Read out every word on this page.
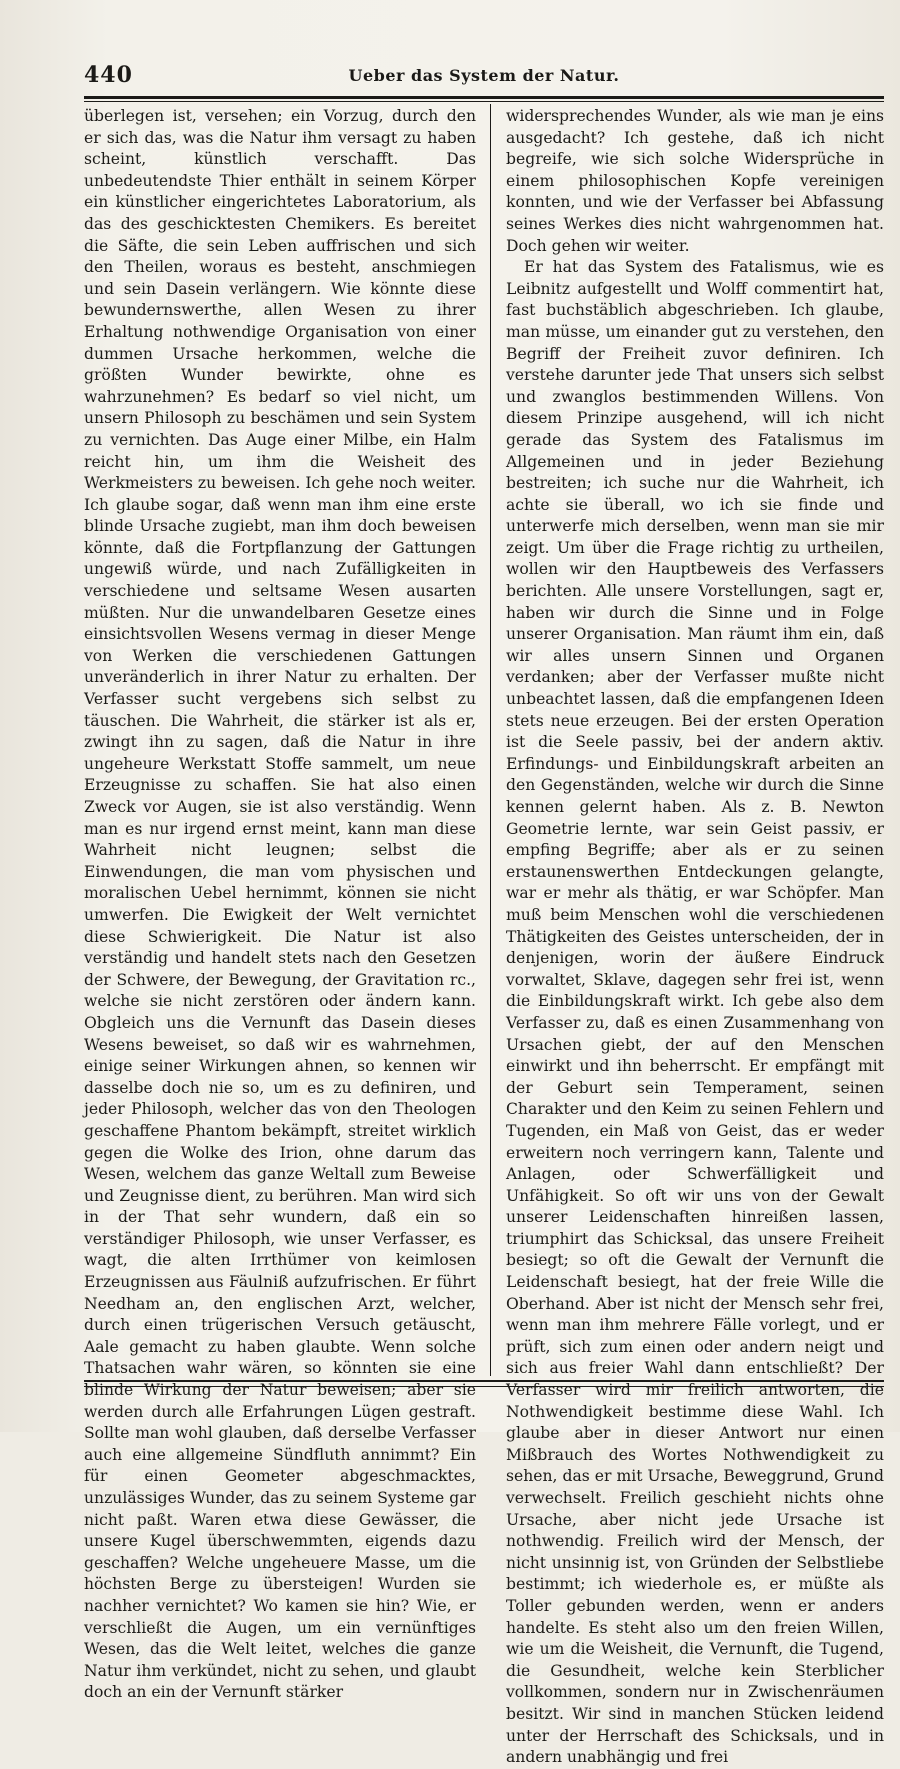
440	Ueber das System der Natur.

überlegen ist, versehen; ein Vorzug, durch den er sich das, was die Natur ihm versagt zu haben scheint, künstlich verschafft. Das unbedeutendste Thier enthält in seinem Körper ein künstlicher eingerichtetes Laboratorium, als das des geschicktesten Chemikers. Es bereitet die Säfte, die sein Leben auffrischen und sich den Theilen, woraus es besteht, anschmiegen und sein Dasein verlängern. Wie könnte diese bewundernswerthe, allen Wesen zu ihrer Erhaltung nothwendige Organisation von einer dummen Ursache herkommen, welche die größten Wunder bewirkte, ohne es wahrzunehmen? Es bedarf so viel nicht, um unsern Philosoph zu beschämen und sein System zu vernichten. Das Auge einer Milbe, ein Halm reicht hin, um ihm die Weisheit des Werkmeisters zu beweisen. Ich gehe noch weiter. Ich glaube sogar, daß wenn man ihm eine erste blinde Ursache zugiebt, man ihm doch beweisen könnte, daß die Fortpflanzung der Gattungen ungewiß würde, und nach Zufälligkeiten in verschiedene und seltsame Wesen ausarten müßten. Nur die unwandelbaren Gesetze eines einsichtsvollen Wesens vermag in dieser Menge von Werken die verschiedenen Gattungen unveränderlich in ihrer Natur zu erhalten. Der Verfasser sucht vergebens sich selbst zu täuschen. Die Wahrheit, die stärker ist als er, zwingt ihn zu sagen, daß die Natur in ihre ungeheure Werkstatt Stoffe sammelt, um neue Erzeugnisse zu schaffen. Sie hat also einen Zweck vor Augen, sie ist also verständig. Wenn man es nur irgend ernst meint, kann man diese Wahrheit nicht leugnen; selbst die Einwendungen, die man vom physischen und moralischen Uebel hernimmt, können sie nicht umwerfen. Die Ewigkeit der Welt vernichtet diese Schwierigkeit. Die Natur ist also verständig und handelt stets nach den Gesetzen der Schwere, der Bewegung, der Gravitation rc., welche sie nicht zerstören oder ändern kann. Obgleich uns die Vernunft das Dasein dieses Wesens beweiset, so daß wir es wahrnehmen, einige seiner Wirkungen ahnen, so kennen wir dasselbe doch nie so, um es zu definiren, und jeder Philosoph, welcher das von den Theologen geschaffene Phantom bekämpft, streitet wirklich gegen die Wolke des Irion, ohne darum das Wesen, welchem das ganze Weltall zum Beweise und Zeugnisse dient, zu berühren. Man wird sich in der That sehr wundern, daß ein so verständiger Philosoph, wie unser Verfasser, es wagt, die alten Irrthümer von keimlosen Erzeugnissen aus Fäulniß aufzufrischen. Er führt Needham an, den englischen Arzt, welcher, durch einen trügerischen Versuch getäuscht, Aale gemacht zu haben glaubte. Wenn solche Thatsachen wahr wären, so könnten sie eine blinde Wirkung der Natur beweisen; aber sie werden durch alle Erfahrungen Lügen gestraft. Sollte man wohl glauben, daß derselbe Verfasser auch eine allgemeine Sündfluth annimmt? Ein für einen Geometer abgeschmacktes, unzulässiges Wunder, das zu seinem Systeme gar nicht paßt. Waren etwa diese Gewässer, die unsere Kugel überschwemmten, eigends dazu geschaffen? Welche ungeheuere Masse, um die höchsten Berge zu übersteigen! Wurden sie nachher vernichtet? Wo kamen sie hin? Wie, er verschließt die Augen, um ein vernünftiges Wesen, das die Welt leitet, welches die ganze Natur ihm verkündet, nicht zu sehen, und glaubt doch an ein der Vernunft stärker

widersprechendes Wunder, als wie man je eins ausgedacht? Ich gestehe, daß ich nicht begreife, wie sich solche Widersprüche in einem philosophischen Kopfe vereinigen konnten, und wie der Verfasser bei Abfassung seines Werkes dies nicht wahrgenommen hat. Doch gehen wir weiter.

Er hat das System des Fatalismus, wie es Leibnitz aufgestellt und Wolff commentirt hat, fast buchstäblich abgeschrieben. Ich glaube, man müsse, um einander gut zu verstehen, den Begriff der Freiheit zuvor definiren. Ich verstehe darunter jede That unsers sich selbst und zwanglos bestimmenden Willens. Von diesem Prinzipe ausgehend, will ich nicht gerade das System des Fatalismus im Allgemeinen und in jeder Beziehung bestreiten; ich suche nur die Wahrheit, ich achte sie überall, wo ich sie finde und unterwerfe mich derselben, wenn man sie mir zeigt. Um über die Frage richtig zu urtheilen, wollen wir den Hauptbeweis des Verfassers berichten. Alle unsere Vorstellungen, sagt er, haben wir durch die Sinne und in Folge unserer Organisation. Man räumt ihm ein, daß wir alles unsern Sinnen und Organen verdanken; aber der Verfasser mußte nicht unbeachtet lassen, daß die empfangenen Ideen stets neue erzeugen. Bei der ersten Operation ist die Seele passiv, bei der andern aktiv. Erfindungs- und Einbildungskraft arbeiten an den Gegenständen, welche wir durch die Sinne kennen gelernt haben. Als z. B. Newton Geometrie lernte, war sein Geist passiv, er empfing Begriffe; aber als er zu seinen erstaunenswerthen Entdeckungen gelangte, war er mehr als thätig, er war Schöpfer. Man muß beim Menschen wohl die verschiedenen Thätigkeiten des Geistes unterscheiden, der in denjenigen, worin der äußere Eindruck vorwaltet, Sklave, dagegen sehr frei ist, wenn die Einbildungskraft wirkt. Ich gebe also dem Verfasser zu, daß es einen Zusammenhang von Ursachen giebt, der auf den Menschen einwirkt und ihn beherrscht. Er empfängt mit der Geburt sein Temperament, seinen Charakter und den Keim zu seinen Fehlern und Tugenden, ein Maß von Geist, das er weder erweitern noch verringern kann, Talente und Anlagen, oder Schwerfälligkeit und Unfähigkeit. So oft wir uns von der Gewalt unserer Leidenschaften hinreißen lassen, triumphirt das Schicksal, das unsere Freiheit besiegt; so oft die Gewalt der Vernunft die Leidenschaft besiegt, hat der freie Wille die Oberhand. Aber ist nicht der Mensch sehr frei, wenn man ihm mehrere Fälle vorlegt, und er prüft, sich zum einen oder andern neigt und sich aus freier Wahl dann entschließt? Der Verfasser wird mir freilich antworten, die Nothwendigkeit bestimme diese Wahl. Ich glaube aber in dieser Antwort nur einen Mißbrauch des Wortes Nothwendigkeit zu sehen, das er mit Ursache, Beweggrund, Grund verwechselt. Freilich geschieht nichts ohne Ursache, aber nicht jede Ursache ist nothwendig. Freilich wird der Mensch, der nicht unsinnig ist, von Gründen der Selbstliebe bestimmt; ich wiederhole es, er müßte als Toller gebunden werden, wenn er anders handelte. Es steht also um den freien Willen, wie um die Weisheit, die Vernunft, die Tugend, die Gesundheit, welche kein Sterblicher vollkommen, sondern nur in Zwischenräumen besitzt. Wir sind in manchen Stücken leidend unter der Herrschaft des Schicksals, und in andern unabhängig und frei
